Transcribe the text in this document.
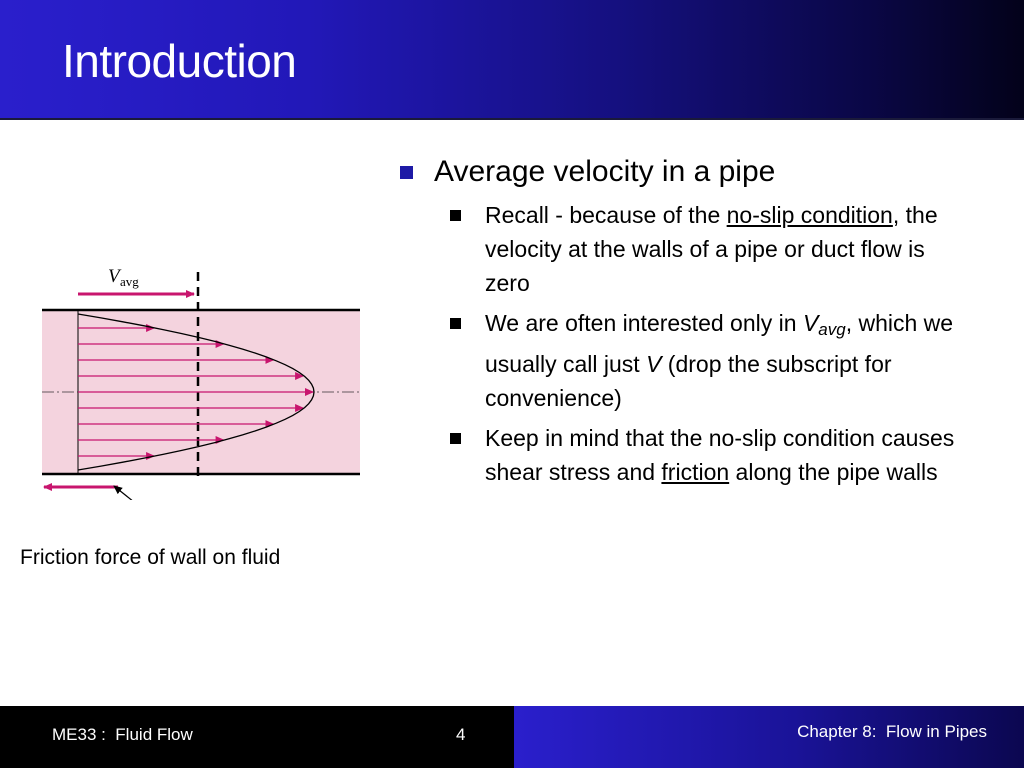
Introduction
Average velocity in a pipe
Recall - because of the no-slip condition, the velocity at the walls of a pipe or duct flow is zero
We are often interested only in $V_{avg}$, which we usually call just V (drop the subscript for convenience)
Keep in mind that the no-slip condition causes shear stress and friction along the pipe walls
V avg
Friction force of wall on fluid
ME33 :  Fluid Flow	4	Chapter 8:  Flow in Pipes
